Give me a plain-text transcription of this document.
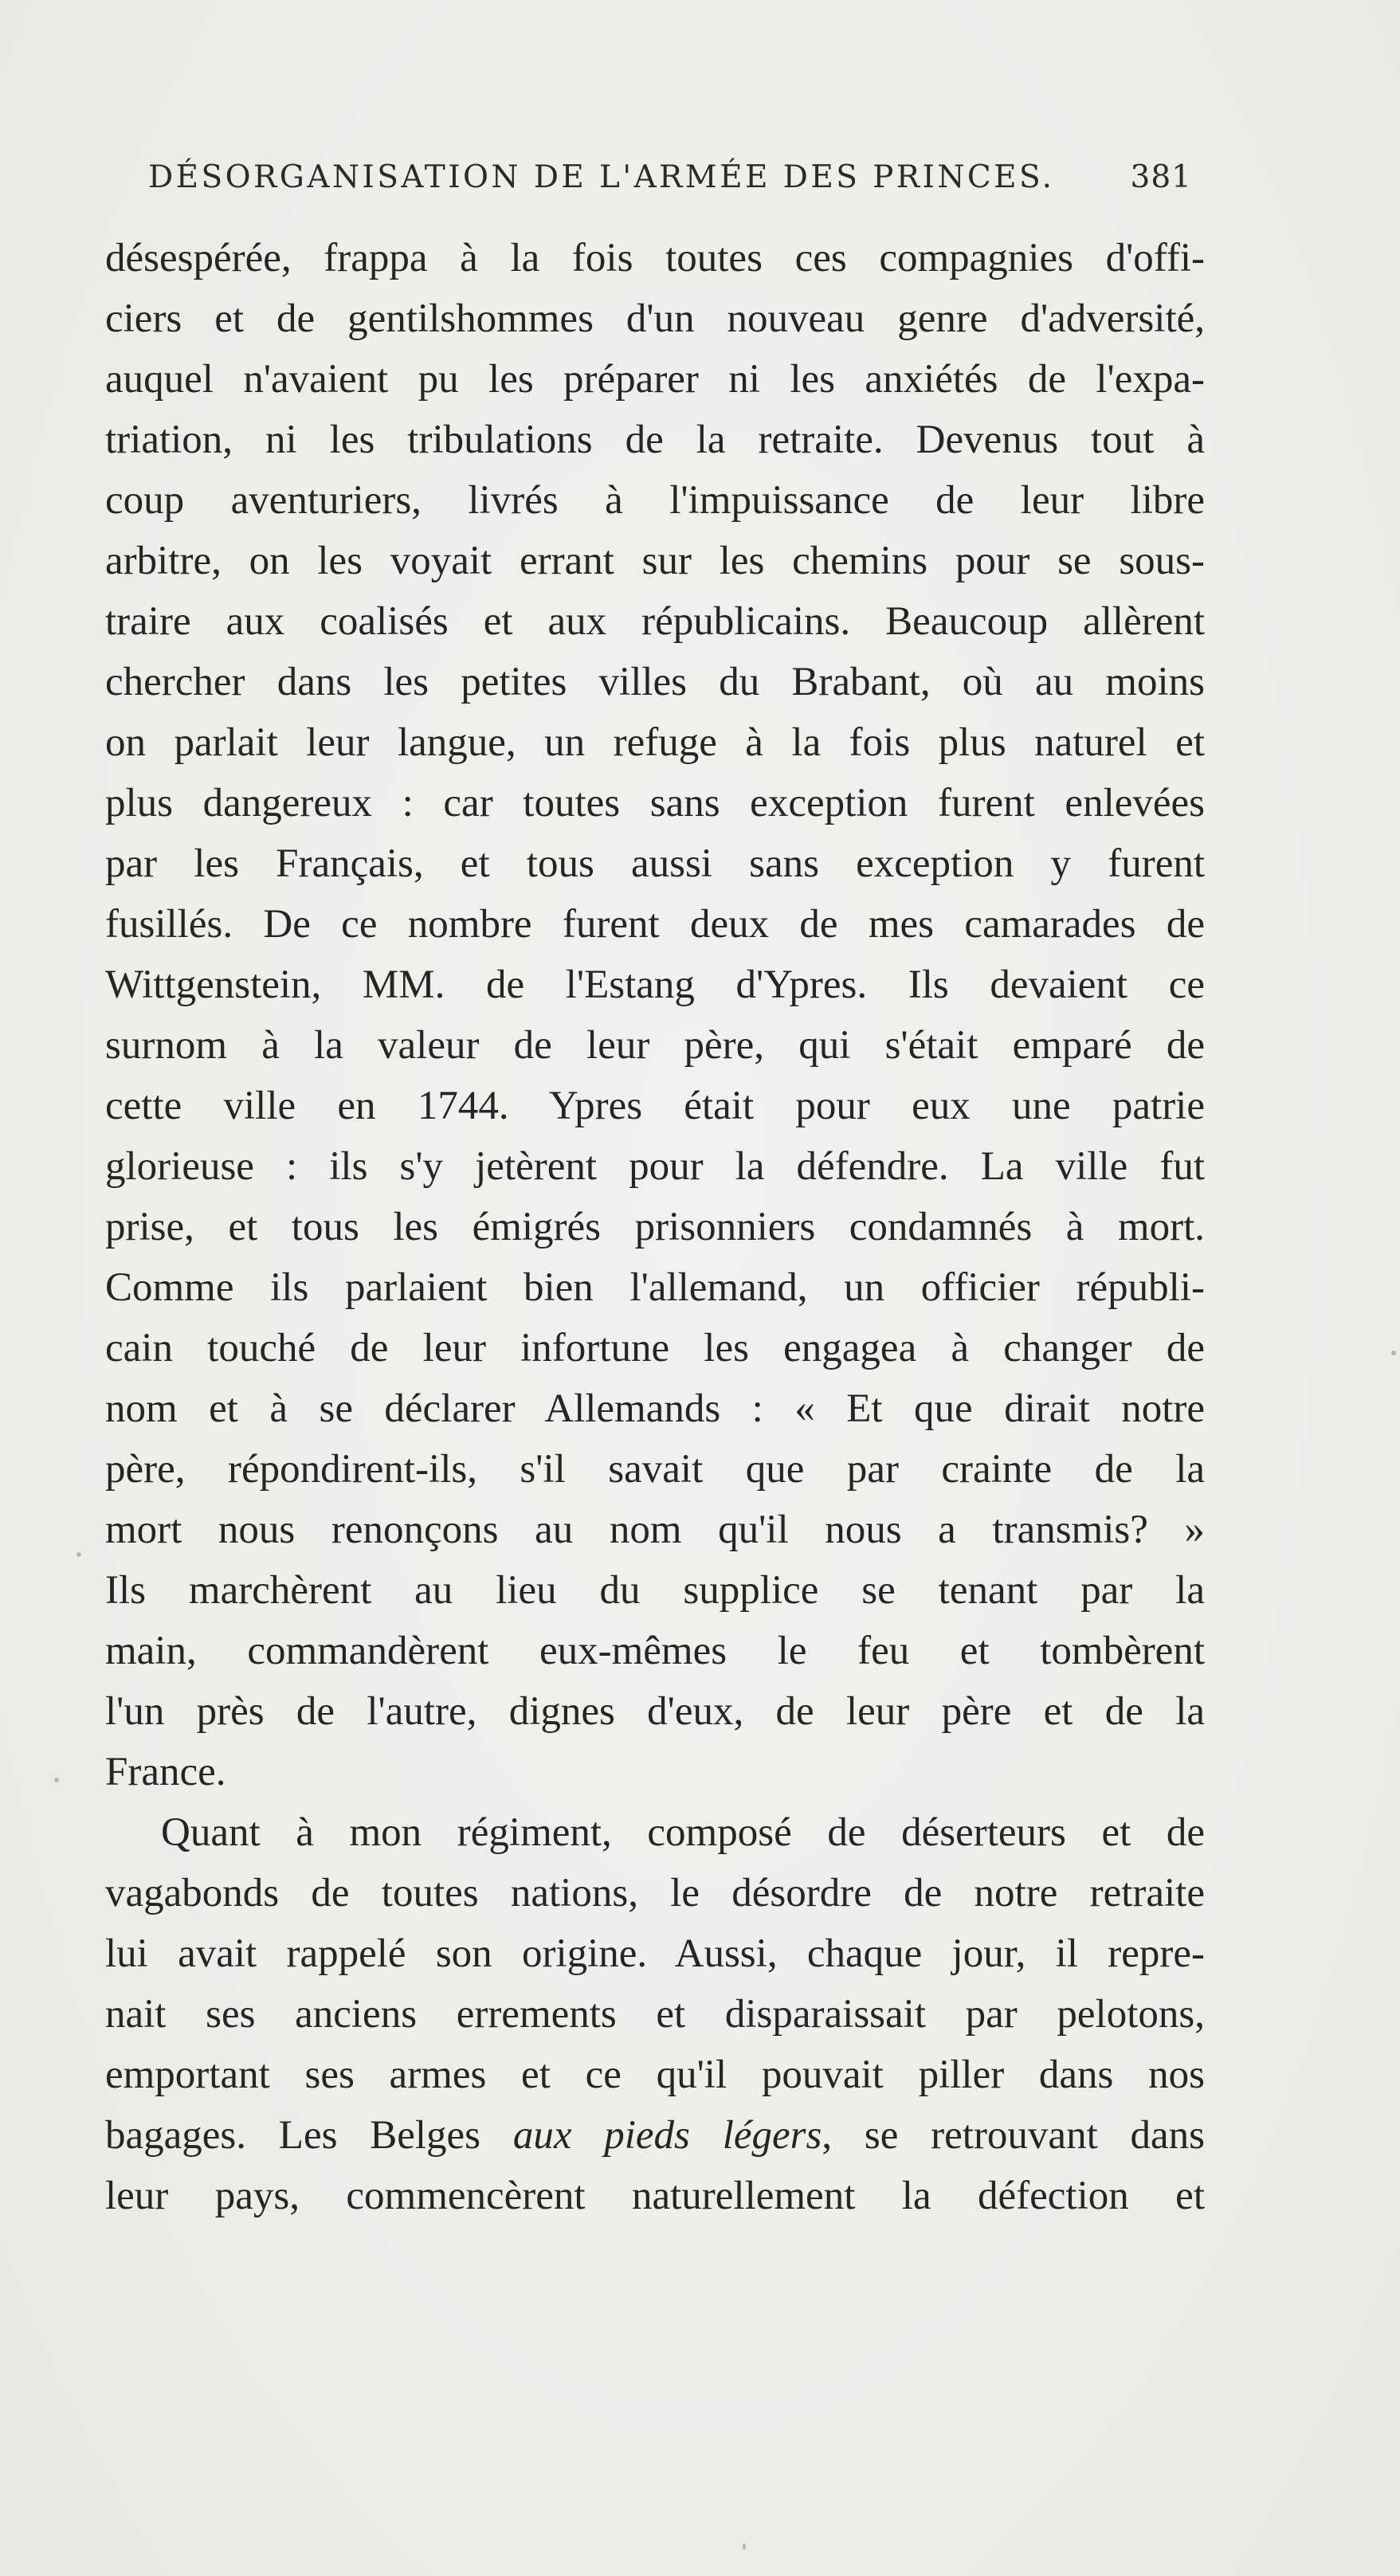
DÉSORGANISATION DE L'ARMÉE DES PRINCES. 381
désespérée, frappa à la fois toutes ces compagnies d'offi-
ciers et de gentilshommes d'un nouveau genre d'adversité,
auquel n'avaient pu les préparer ni les anxiétés de l'expa-
triation, ni les tribulations de la retraite. Devenus tout à
coup aventuriers, livrés à l'impuissance de leur libre
arbitre, on les voyait errant sur les chemins pour se sous-
traire aux coalisés et aux républicains. Beaucoup allèrent
chercher dans les petites villes du Brabant, où au moins
on parlait leur langue, un refuge à la fois plus naturel et
plus dangereux : car toutes sans exception furent enlevées
par les Français, et tous aussi sans exception y furent
fusillés. De ce nombre furent deux de mes camarades de
Wittgenstein, MM. de l'Estang d'Ypres. Ils devaient ce
surnom à la valeur de leur père, qui s'était emparé de
cette ville en 1744. Ypres était pour eux une patrie
glorieuse : ils s'y jetèrent pour la défendre. La ville fut
prise, et tous les émigrés prisonniers condamnés à mort.
Comme ils parlaient bien l'allemand, un officier républi-
cain touché de leur infortune les engagea à changer de
nom et à se déclarer Allemands : « Et que dirait notre
père, répondirent-ils, s'il savait que par crainte de la
mort nous renonçons au nom qu'il nous a transmis? »
Ils marchèrent au lieu du supplice se tenant par la
main, commandèrent eux-mêmes le feu et tombèrent
l'un près de l'autre, dignes d'eux, de leur père et de la
France.
Quant à mon régiment, composé de déserteurs et de
vagabonds de toutes nations, le désordre de notre retraite
lui avait rappelé son origine. Aussi, chaque jour, il repre-
nait ses anciens errements et disparaissait par pelotons,
emportant ses armes et ce qu'il pouvait piller dans nos
bagages. Les Belges aux pieds légers, se retrouvant dans
leur pays, commencèrent naturellement la défection et
